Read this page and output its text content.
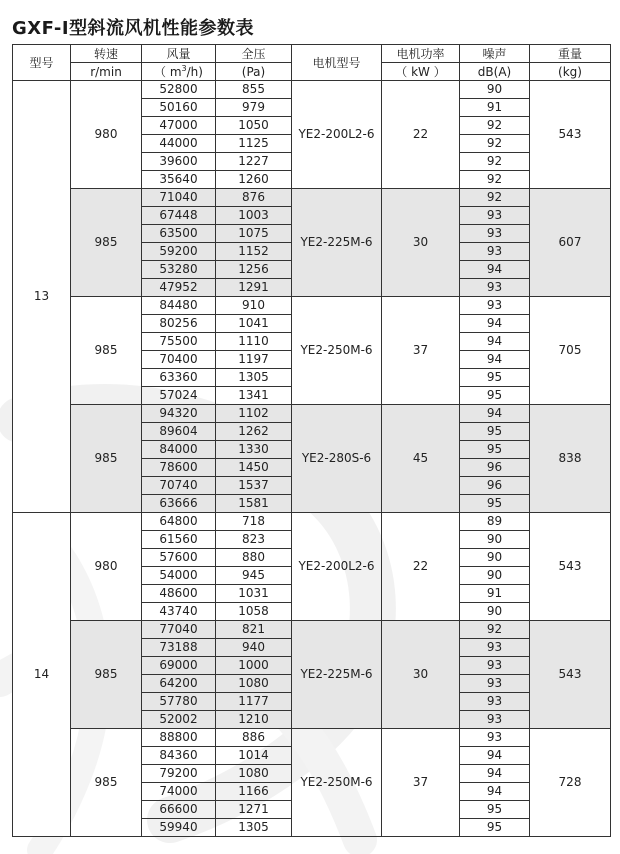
GXF-Ⅰ型斜流风机性能参数表
型号	转速	风量	全压	电机型号	电机功率	噪声	重量
	r/min	（ $m^3/h$)	(Pa)		（ kW ）	dB(A)	(kg)
13	980	52800	855	YE2-200L2-6	22	90	543
		50160	979			91	
		47000	1050			92	
		44000	1125			92	
		39600	1227			92	
		35640	1260			92	
	985	71040	876	YE2-225M-6	30	92	607
		67448	1003			93	
		63500	1075			93	
		59200	1152			93	
		53280	1256			94	
		47952	1291			93	
	985	84480	910	YE2-250M-6	37	93	705
		80256	1041			94	
		75500	1110			94	
		70400	1197			94	
		63360	1305			95	
		57024	1341			95	
	985	94320	1102	YE2-280S-6	45	94	838
		89604	1262			95	
		84000	1330			95	
		78600	1450			96	
		70740	1537			96	
		63666	1581			95	
14	980	64800	718	YE2-200L2-6	22	89	543
		61560	823			90	
		57600	880			90	
		54000	945			90	
		48600	1031			91	
		43740	1058			90	
	985	77040	821	YE2-225M-6	30	92	543
		73188	940			93	
		69000	1000			93	
		64200	1080			93	
		57780	1177			93	
		52002	1210			93	
	985	88800	886	YE2-250M-6	37	93	728
		84360	1014			94	
		79200	1080			94	
		74000	1166			94	
		66600	1271			95	
		59940	1305			95	
